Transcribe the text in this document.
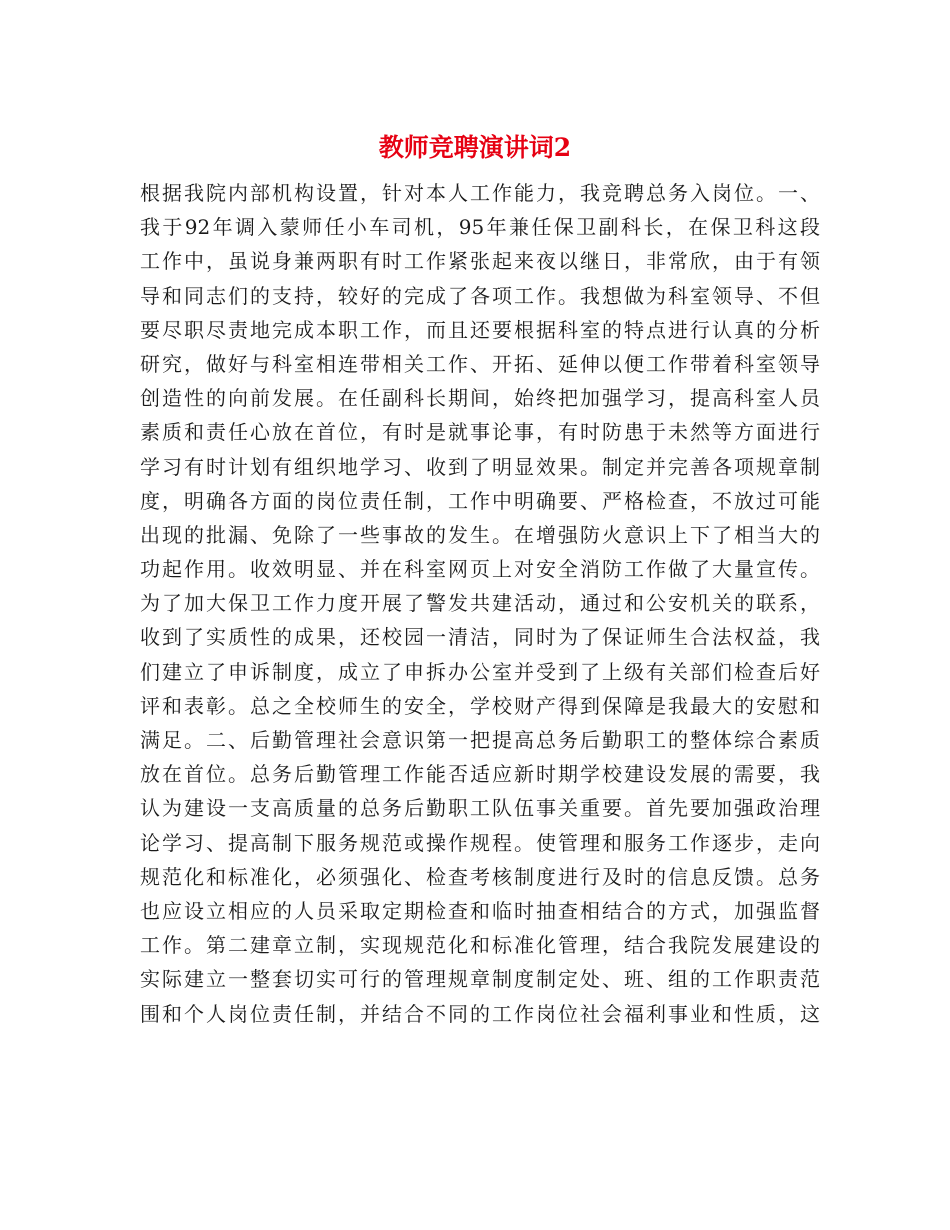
教师竞聘演讲词2
根据我院内部机构设置，针对本人工作能力，我竞聘总务入岗位。一、
我于92年调入蒙师任小车司机，95年兼任保卫副科长，在保卫科这段
工作中，虽说身兼两职有时工作紧张起来夜以继日，非常欣，由于有领
导和同志们的支持，较好的完成了各项工作。我想做为科室领导、不但
要尽职尽责地完成本职工作，而且还要根据科室的特点进行认真的分析
研究，做好与科室相连带相关工作、开拓、延伸以便工作带着科室领导
创造性的向前发展。在任副科长期间，始终把加强学习，提高科室人员
素质和责任心放在首位，有时是就事论事，有时防患于未然等方面进行
学习有时计划有组织地学习、收到了明显效果。制定并完善各项规章制
度，明确各方面的岗位责任制，工作中明确要、严格检查，不放过可能
出现的批漏、免除了一些事故的发生。在增强防火意识上下了相当大的
功起作用。收效明显、并在科室网页上对安全消防工作做了大量宣传。
为了加大保卫工作力度开展了警发共建活动，通过和公安机关的联系，
收到了实质性的成果，还校园一清洁，同时为了保证师生合法权益，我
们建立了申诉制度，成立了申拆办公室并受到了上级有关部们检查后好
评和表彰。总之全校师生的安全，学校财产得到保障是我最大的安慰和
满足。二、后勤管理社会意识第一把提高总务后勤职工的整体综合素质
放在首位。总务后勤管理工作能否适应新时期学校建设发展的需要，我
认为建设一支高质量的总务后勤职工队伍事关重要。首先要加强政治理
论学习、提高制下服务规范或操作规程。使管理和服务工作逐步，走向
规范化和标准化，必须强化、检查考核制度进行及时的信息反馈。总务
也应设立相应的人员采取定期检查和临时抽查相结合的方式，加强监督
工作。第二建章立制，实现规范化和标准化管理，结合我院发展建设的
实际建立一整套切实可行的管理规章制度制定处、班、组的工作职责范
围和个人岗位责任制，并结合不同的工作岗位社会福利事业和性质，这
